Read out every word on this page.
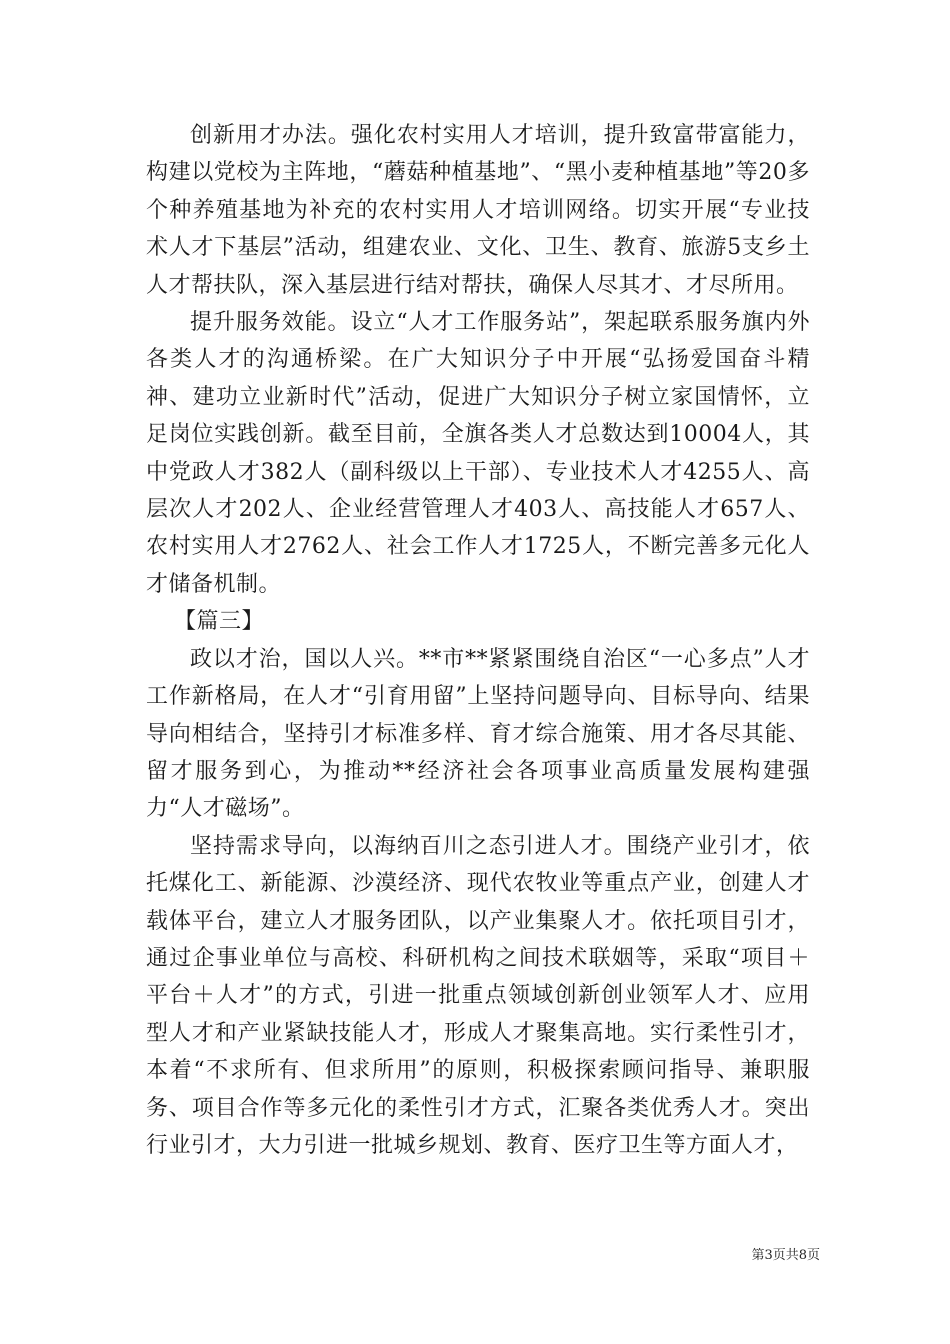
创新用才办法。强化农村实用人才培训，提升致富带富能力，构建以党校为主阵地，“蘑菇种植基地”、“黑小麦种植基地”等20多个种养殖基地为补充的农村实用人才培训网络。切实开展“专业技术人才下基层”活动，组建农业、文化、卫生、教育、旅游5支乡土人才帮扶队，深入基层进行结对帮扶，确保人尽其才、才尽所用。

提升服务效能。设立“人才工作服务站”，架起联系服务旗内外各类人才的沟通桥梁。在广大知识分子中开展“弘扬爱国奋斗精神、建功立业新时代”活动，促进广大知识分子树立家国情怀，立足岗位实践创新。截至目前，全旗各类人才总数达到10004人，其中党政人才382人（副科级以上干部）、专业技术人才4255人、高层次人才202人、企业经营管理人才403人、高技能人才657人、农村实用人才2762人、社会工作人才1725人，不断完善多元化人才储备机制。

【篇三】

政以才治，国以人兴。**市**紧紧围绕自治区“一心多点”人才工作新格局，在人才“引育用留”上坚持问题导向、目标导向、结果导向相结合，坚持引才标准多样、育才综合施策、用才各尽其能、留才服务到心，为推动**经济社会各项事业高质量发展构建强力“人才磁场”。

坚持需求导向，以海纳百川之态引进人才。围绕产业引才，依托煤化工、新能源、沙漠经济、现代农牧业等重点产业，创建人才载体平台，建立人才服务团队，以产业集聚人才。依托项目引才，通过企事业单位与高校、科研机构之间技术联姻等，采取“项目＋平台＋人才”的方式，引进一批重点领域创新创业领军人才、应用型人才和产业紧缺技能人才，形成人才聚集高地。实行柔性引才，本着“不求所有、但求所用”的原则，积极探索顾问指导、兼职服务、项目合作等多元化的柔性引才方式，汇聚各类优秀人才。突出行业引才，大力引进一批城乡规划、教育、医疗卫生等方面人才，

第3页共8页
